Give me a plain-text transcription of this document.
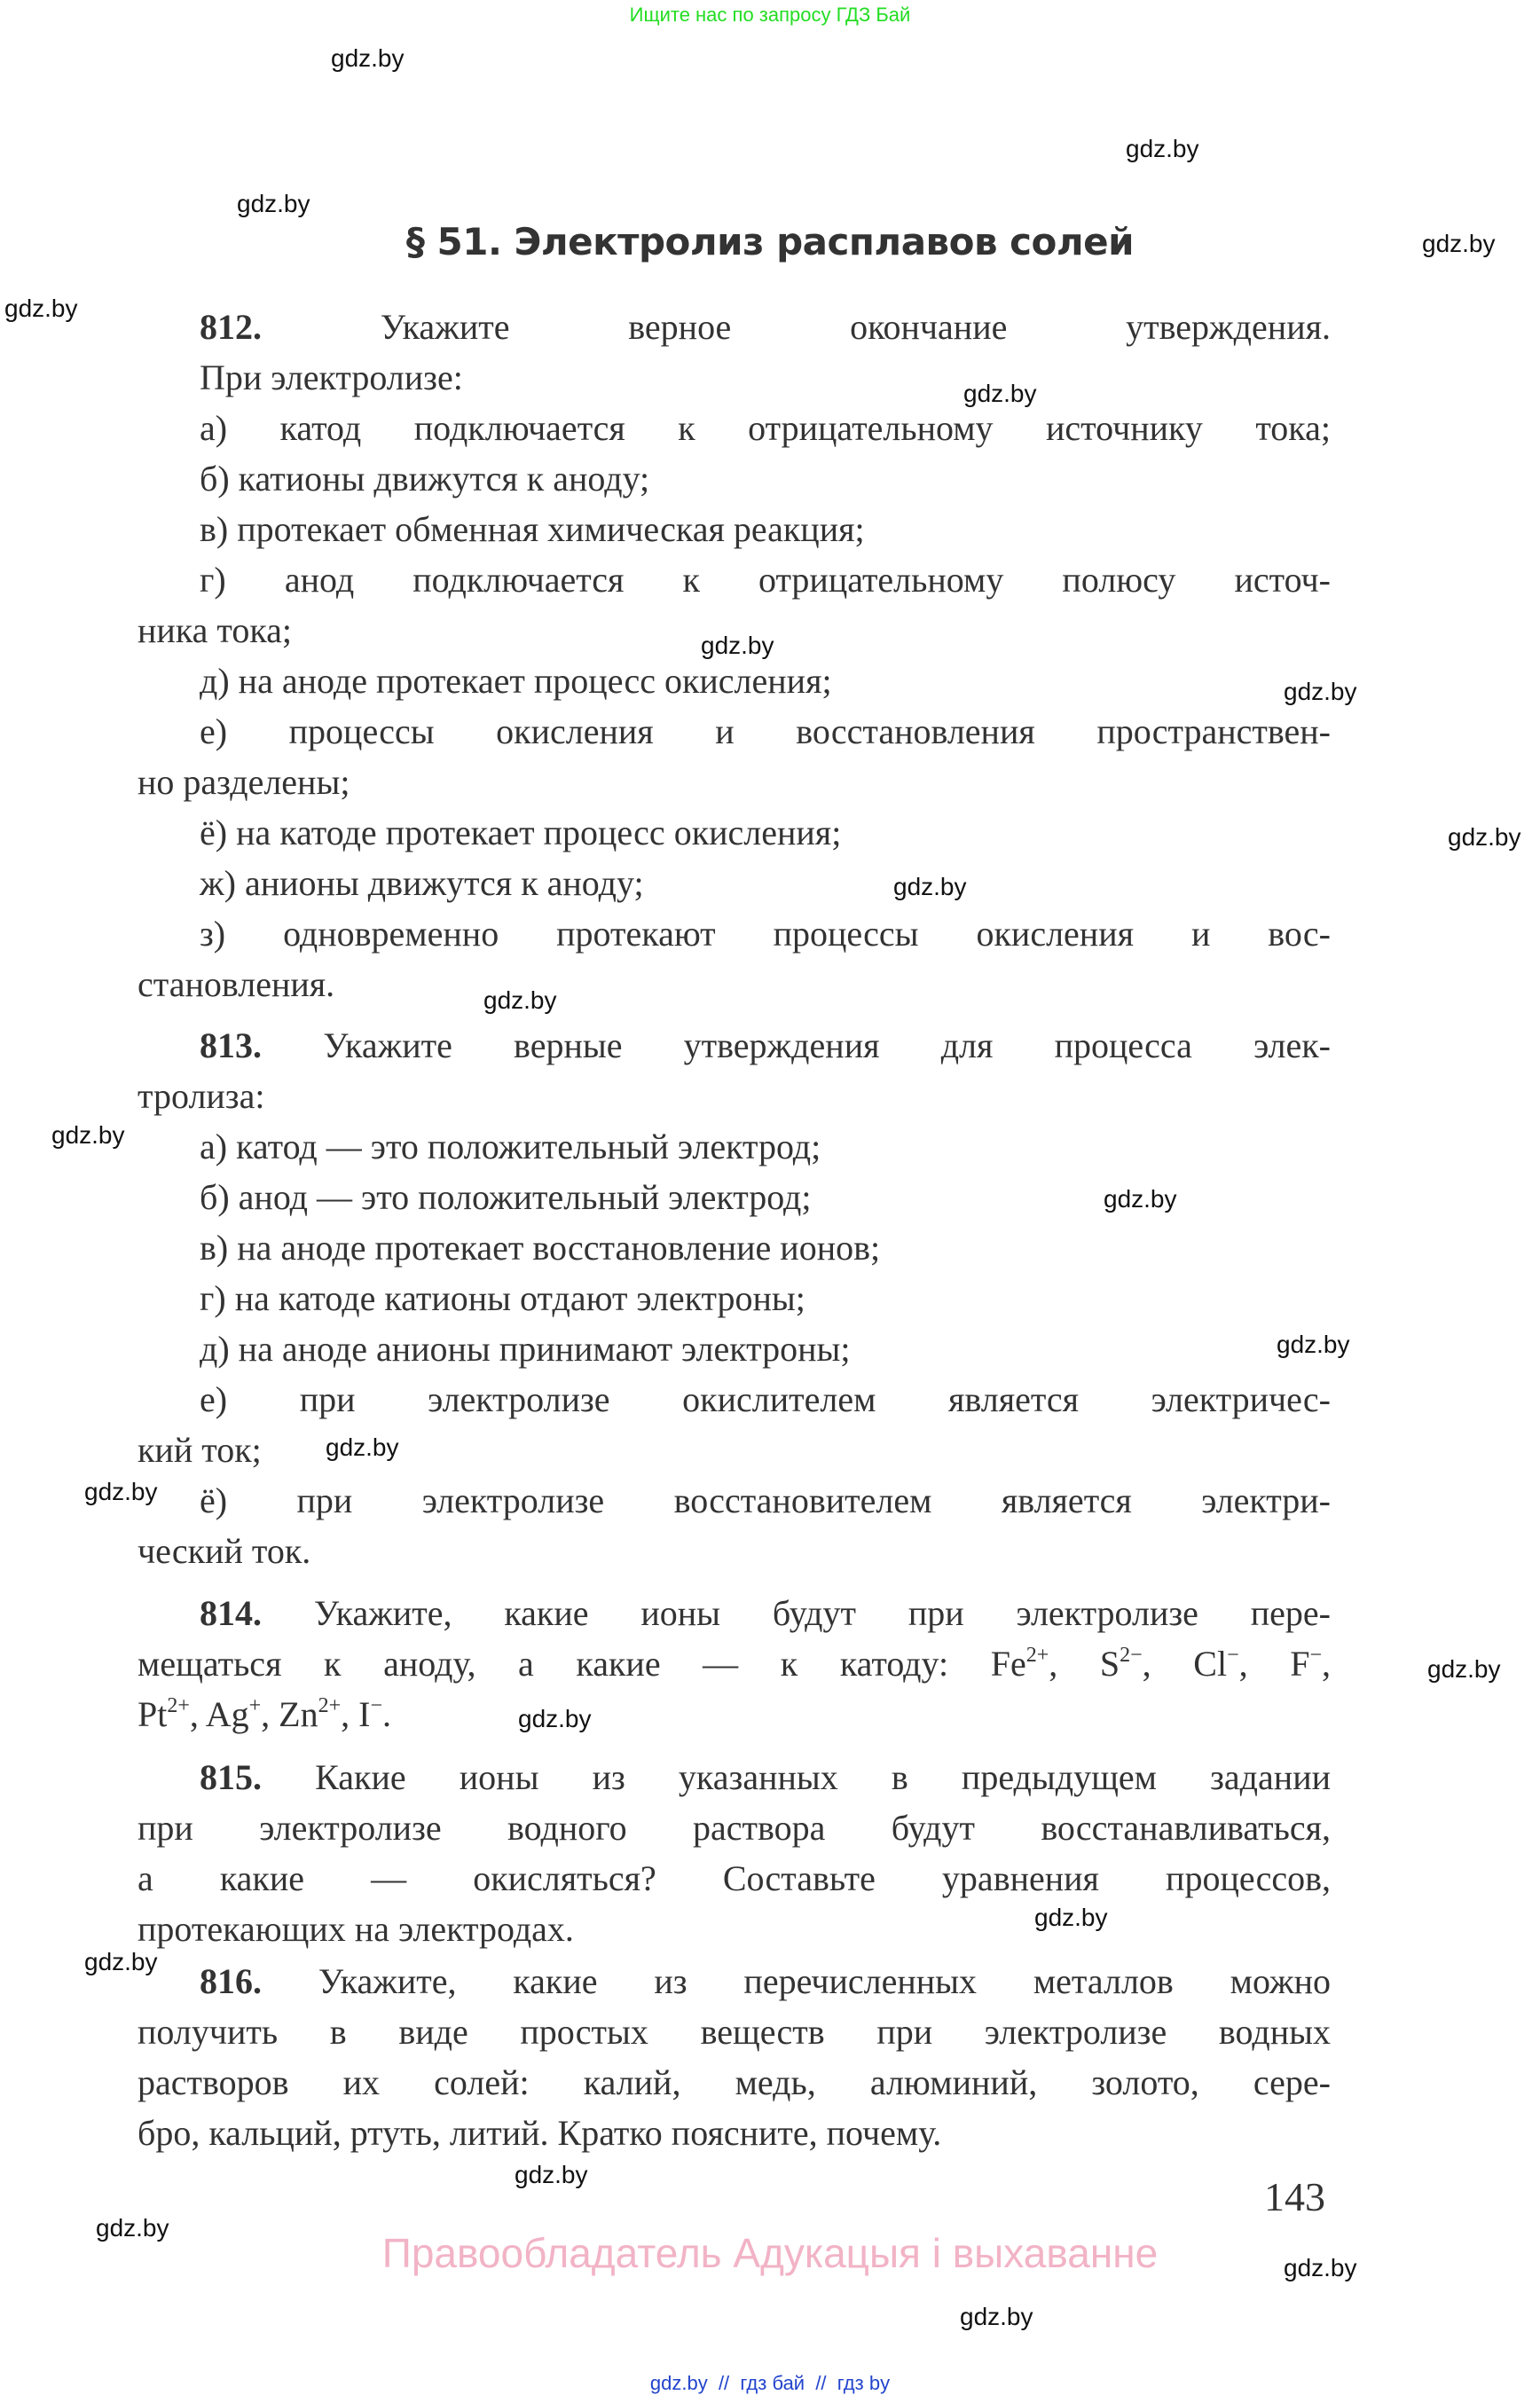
Ищите нас по запросу ГДЗ Бай
gdz.by
gdz.by
gdz.by
gdz.by
gdz.by
gdz.by
gdz.by
gdz.by
gdz.by
gdz.by
gdz.by
gdz.by
gdz.by
gdz.by
gdz.by
gdz.by
gdz.by
gdz.by
gdz.by
gdz.by
gdz.by
gdz.by
gdz.by
gdz.by
§ 51. Электролиз расплавов солей
812.	Укажите верное окончание утверждения.
При электролизе:
а) катод подключается к отрицательному источнику тока;
б) катионы движутся к аноду;
в) протекает обменная химическая реакция;
г) анод подключается к отрицательному полюсу источ-
ника тока;
д) на аноде протекает процесс окисления;
е) процессы окисления и восстановления пространствен-
но разделены;
ё) на катоде протекает процесс окисления;
ж) анионы движутся к аноду;
з) одновременно протекают процессы окисления и вос-
становления.
813. Укажите верные утверждения для процесса элек-
тролиза:
а) катод — это положительный электрод;
б) анод — это положительный электрод;
в) на аноде протекает восстановление ионов;
г) на катоде катионы отдают электроны;
д) на аноде анионы принимают электроны;
е) при электролизе окислителем является электричес-
кий ток;
ё) при электролизе восстановителем является электри-
ческий ток.
814. Укажите, какие ионы будут при электролизе пере-
мещаться к аноду, а какие — к катоду: $Fe^{2+}$, $S^{2-}$, Cl−, F−,
$Pt^{2+}$, Ag+, $Zn^{2+}$, I−.
815. Какие ионы из указанных в предыдущем задании
при электролизе водного раствора будут восстанавливаться,
а какие — окисляться? Составьте уравнения процессов,
протекающих на электродах.
816. Укажите, какие из перечисленных металлов можно
получить в виде простых веществ при электролизе водных
растворов их солей: калий, медь, алюминий, золото, сере-
бро, кальций, ртуть, литий. Кратко поясните, почему.
143
Правообладатель Адукацыя і выхаванне
gdz.by  //  гдз бай  //  гдз by
